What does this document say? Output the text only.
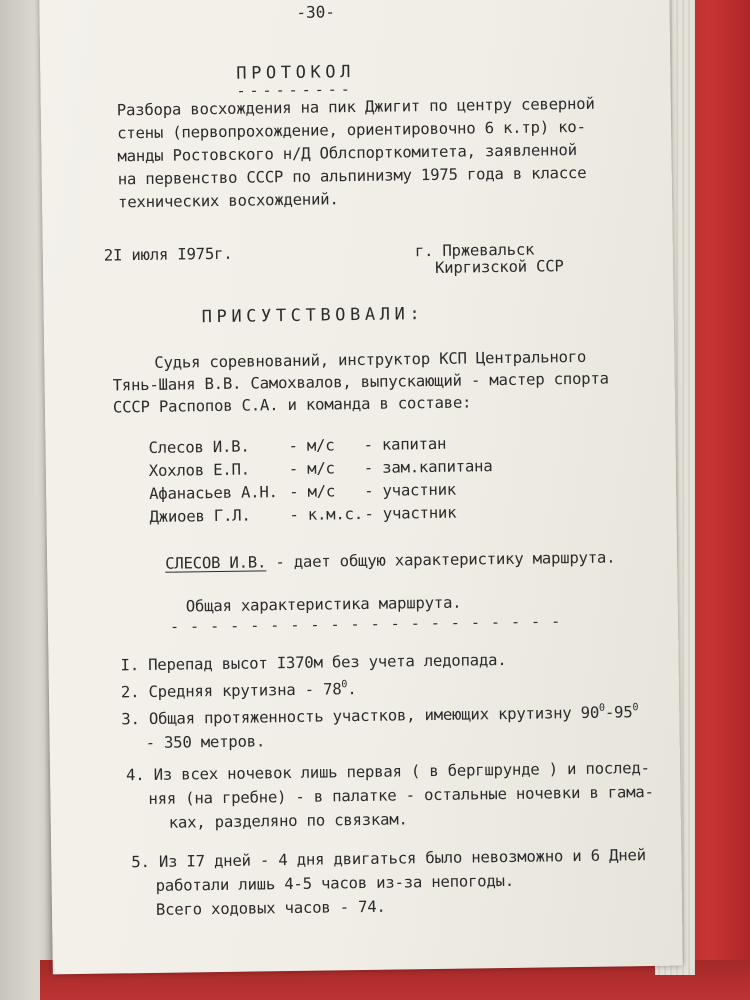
-30-
ПРОТОКОЛ
---------
Разбора восхождения на пик Джигит по центру северной
стены (первопрохождение, ориентировочно 6 к.тр) ко-
манды Ростовского н/Д Облспорткомитета, заявленной
на первенство СССР по альпинизму 1975 года в классе
технических восхождений.
2I июля I975г.	г. Пржевальск
Киргизской ССР
ПРИСУТСТВОВАЛИ:
Судья соревнований, инструктор КСП Центрального
Тянь-Шаня В.В. Самохвалов, выпускающий - мастер спорта
СССР Распопов С.А. и команда в составе:
Слесов И.В. - м/с - капитан
Хохлов Е.П. - м/с - зам.капитана
Афанасьев А.Н. - м/с - участник
Джиоев Г.Л. - к.м.с. - участник
СЛЕСОВ И.В. - дает общую характеристику маршрута.
Общая характеристика маршрута.
- - - - - - - - - - - - - - - - - - - -
I. Перепад высот I370м без учета ледопада.
2. Средняя крутизна - $78^0$.
3. Общая протяженность участков, имеющих крутизну $90^0-95^0$
- 350 метров.
4. Из всех ночевок лишь первая ( в бергшрунде ) и послед-
няя (на гребне) - в палатке - остальные ночевки в гама-
ках, разделяно по связкам.
5. Из I7 дней - 4 дня двигаться было невозможно и 6 Дней
работали лишь 4-5 часов из-за непогоды.
Всего ходовых часов - 74.
